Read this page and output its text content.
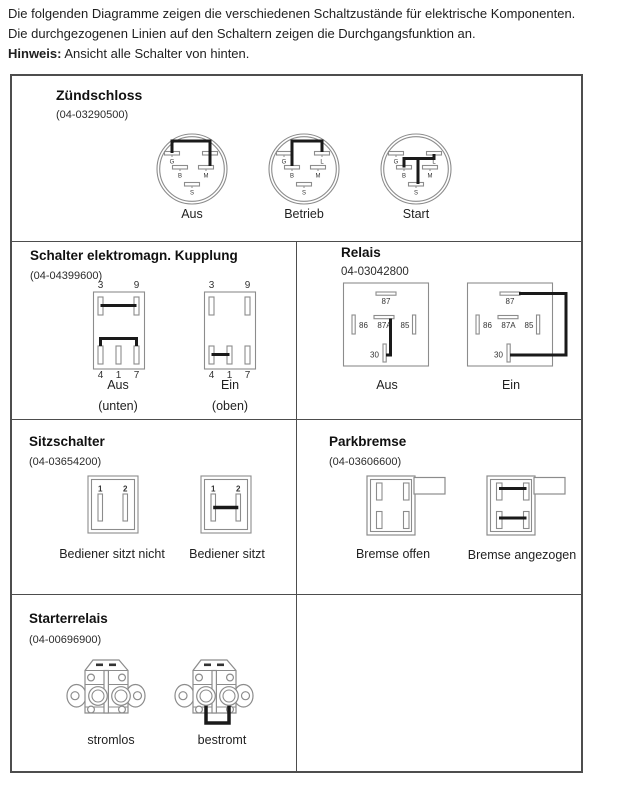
Die folgenden Diagramme zeigen die verschiedenen Schaltzustände für elektrische Komponenten.
Die durchgezogenen Linien auf den Schaltern zeigen die Durchgangsfunktion an.
Hinweis: Ansicht alle Schalter von hinten.
Zündschloss
(04-03290500)
G	L
B	M
S
G	L
B	M
S
G	L
B	M
S
Aus	Betrieb	Start
Schalter elektromagn. Kupplung
(04-04399600)
3	9
4 1 7
3	9
4 1 7
Aus
(unten)
Ein
(oben)
Relais
04-03042800
87
86 87A 85
30
87
86 87A 85
30
Aus	Ein
Sitzschalter
(04-03654200)
1	2	1	2
Bediener sitzt nicht	Bediener sitzt
Parkbremse
(04-03606600)
Bremse offen	Bremse angezogen
Starterrelais
(04-00696900)
stromlos	bestromt
